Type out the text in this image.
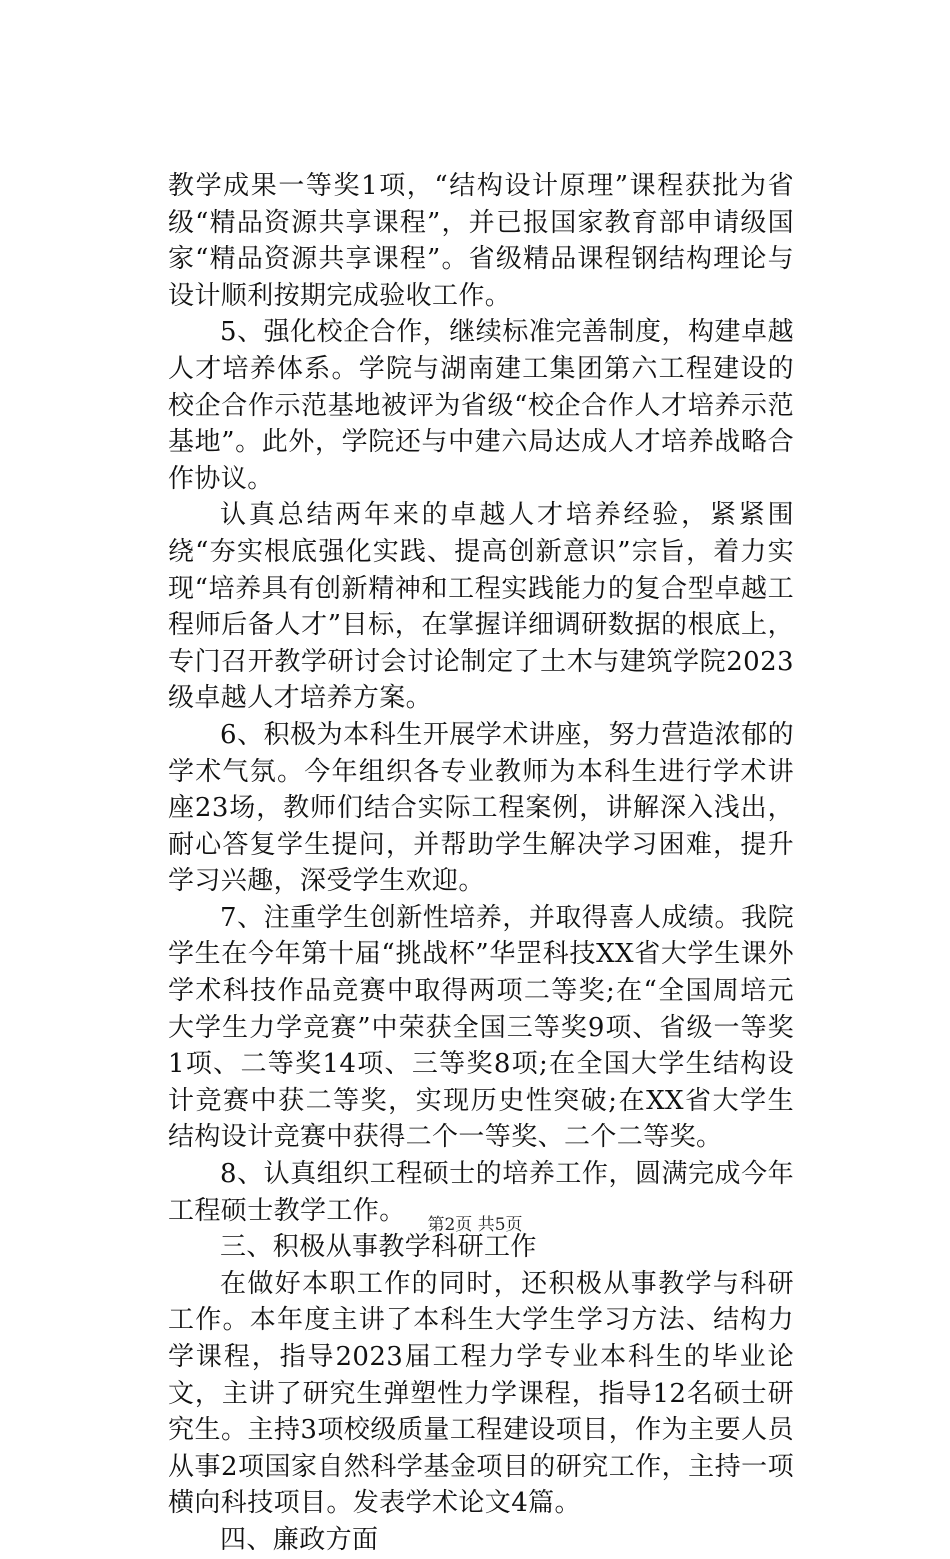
教学成果一等奖1项，“结构设计原理”课程获批为省级“精品资源共享课程”，并已报国家教育部申请级国家“精品资源共享课程”。省级精品课程钢结构理论与设计顺利按期完成验收工作。

5、强化校企合作，继续标准完善制度，构建卓越人才培养体系。学院与湖南建工集团第六工程建设的校企合作示范基地被评为省级“校企合作人才培养示范基地”。此外，学院还与中建六局达成人才培养战略合作协议。

认真总结两年来的卓越人才培养经验，紧紧围绕“夯实根底强化实践、提高创新意识”宗旨，着力实现“培养具有创新精神和工程实践能力的复合型卓越工程师后备人才”目标，在掌握详细调研数据的根底上，专门召开教学研讨会讨论制定了土木与建筑学院2023级卓越人才培养方案。

6、积极为本科生开展学术讲座，努力营造浓郁的学术气氛。今年组织各专业教师为本科生进行学术讲座23场，教师们结合实际工程案例，讲解深入浅出，耐心答复学生提问，并帮助学生解决学习困难，提升学习兴趣，深受学生欢迎。

7、注重学生创新性培养，并取得喜人成绩。我院学生在今年第十届“挑战杯”华罡科技XX省大学生课外学术科技作品竞赛中取得两项二等奖;在“全国周培元大学生力学竞赛”中荣获全国三等奖9项、省级一等奖1项、二等奖14项、三等奖8项;在全国大学生结构设计竞赛中获二等奖，实现历史性突破;在XX省大学生结构设计竞赛中获得二个一等奖、二个二等奖。

8、认真组织工程硕士的培养工作，圆满完成今年工程硕士教学工作。

三、积极从事教学科研工作

在做好本职工作的同时，还积极从事教学与科研工作。本年度主讲了本科生大学生学习方法、结构力学课程，指导2023届工程力学专业本科生的毕业论文，主讲了研究生弹塑性力学课程，指导12名硕士研究生。主持3项校级质量工程建设项目，作为主要人员从事2项国家自然科学基金项目的研究工作，主持一项横向科技项目。发表学术论文4篇。

四、廉政方面

第2页 共5页
